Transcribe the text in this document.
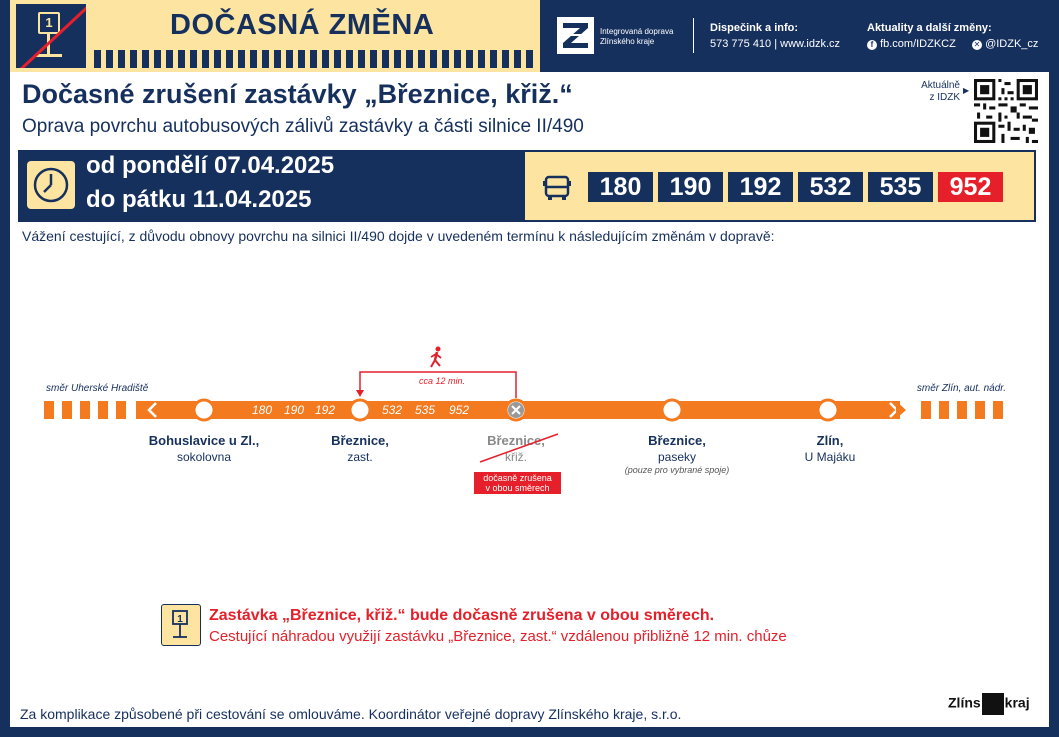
1	DOČASNÁ ZMĚNA	Integrovaná doprava
Zlínského kraje
Dispečink a info:
573 775 410 | www.idzk.cz
Aktuality a další změny:
f fb.com/IDZKCZ ✕ @IDZK_cz
Dočasné zrušení zastávky „Březnice, křiž.“
Oprava povrchu autobusových zálivů zastávky a části silnice II/490
Aktuálně
z IDZK
▶
od pondělí 07.04.2025
do pátku 11.04.2025	180	190	192	532	535	952
Vážení cestující, z důvodu obnovy povrchu na silnici II/490 dojde v uvedeném termínu k následujícím změnám v dopravě:
směr Uherské Hradiště	směr Zlín, aut. nádr.
cca 12 min.
180 190 192	532 535 952
Bohuslavice u Zl.,
sokolovna
Březnice,
zast.
Březnice,
křiž.
dočasně zrušena
v obou směrech
Březnice,
paseky
(pouze pro vybrané spoje)
Zlín,
U Majáku
1 Zastávka „Březnice, křiž.“ bude dočasně zrušena v obou směrech.
Cestující náhradou využijí zastávku „Březnice, zast.“ vzdálenou přibližně 12 min. chůze
Za komplikace způsobené při cestování se omlouváme. Koordinátor veřejné dopravy Zlínského kraje, s.r.o.
Zlíns kraj
